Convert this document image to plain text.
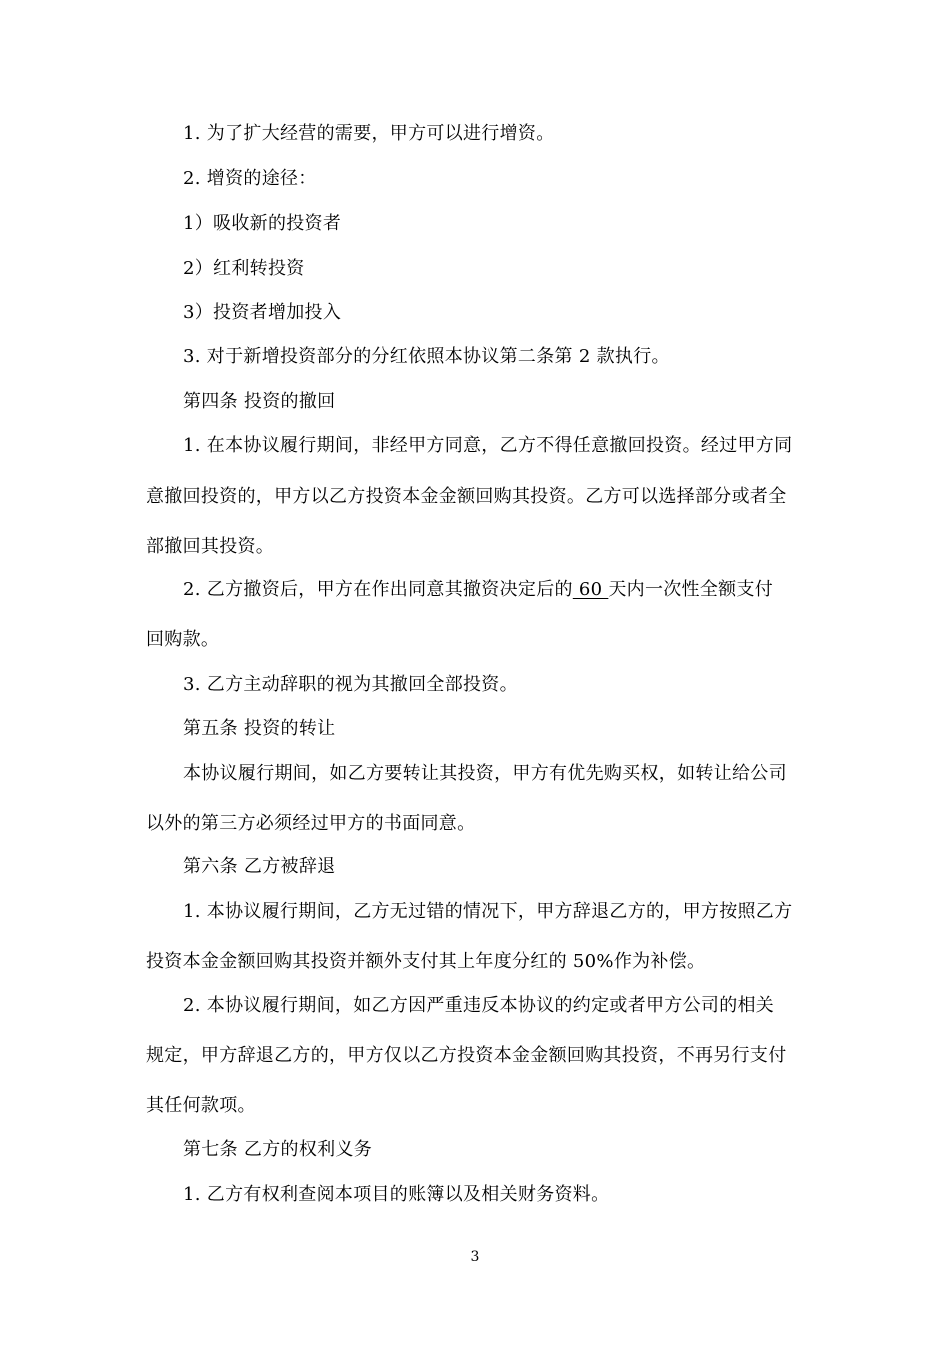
1. 为了扩大经营的需要，甲方可以进行增资。
2. 增资的途径：
1）吸收新的投资者
2）红利转投资
3）投资者增加投入
3. 对于新增投资部分的分红依照本协议第二条第 2 款执行。
第四条 投资的撤回
1. 在本协议履行期间，非经甲方同意，乙方不得任意撤回投资。经过甲方同
意撤回投资的，甲方以乙方投资本金金额回购其投资。乙方可以选择部分或者全
部撤回其投资。
2. 乙方撤资后，甲方在作出同意其撤资决定后的 60 天内一次性全额支付
回购款。
3. 乙方主动辞职的视为其撤回全部投资。
第五条 投资的转让
本协议履行期间，如乙方要转让其投资，甲方有优先购买权，如转让给公司
以外的第三方必须经过甲方的书面同意。
第六条 乙方被辞退
1. 本协议履行期间，乙方无过错的情况下，甲方辞退乙方的，甲方按照乙方
投资本金金额回购其投资并额外支付其上年度分红的 50%作为补偿。
2. 本协议履行期间，如乙方因严重违反本协议的约定或者甲方公司的相关
规定，甲方辞退乙方的，甲方仅以乙方投资本金金额回购其投资，不再另行支付
其任何款项。
第七条 乙方的权利义务
1. 乙方有权利查阅本项目的账簿以及相关财务资料。
3
